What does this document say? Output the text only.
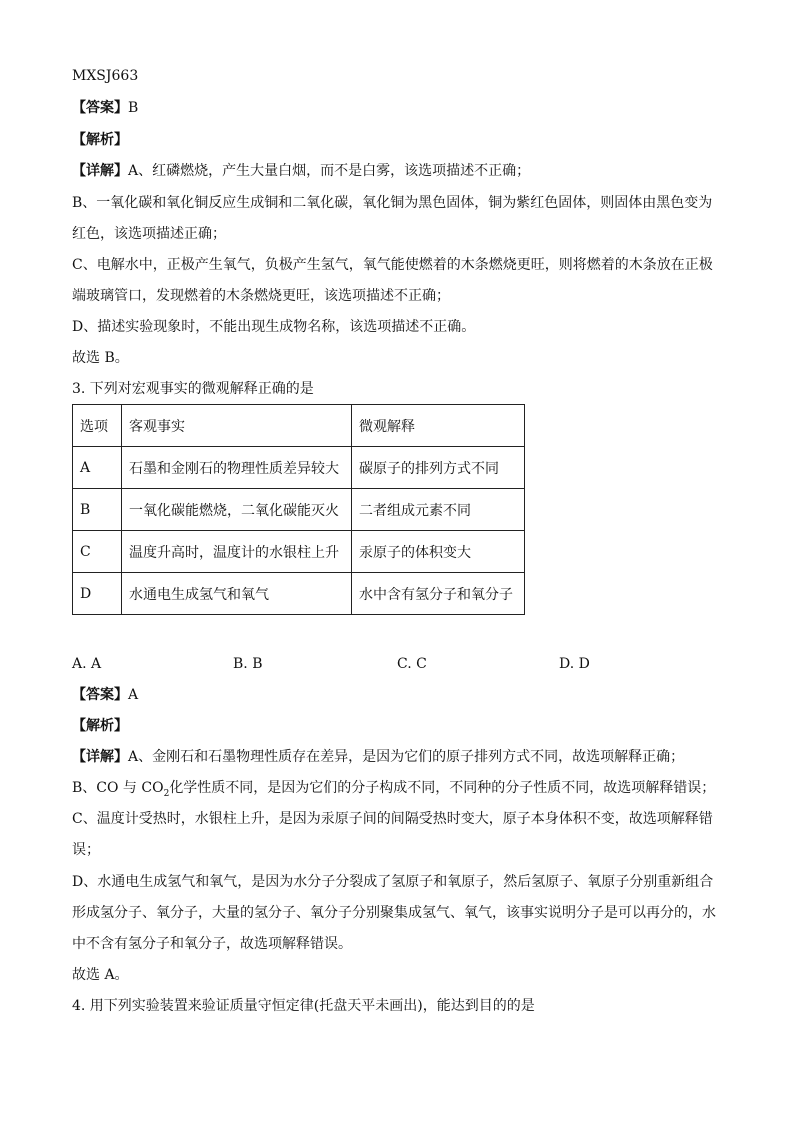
MXSJ663
【答案】B
【解析】
【详解】A、红磷燃烧，产生大量白烟，而不是白雾，该选项描述不正确；
B、一氧化碳和氧化铜反应生成铜和二氧化碳，氧化铜为黑色固体，铜为紫红色固体，则固体由黑色变为
红色，该选项描述正确；
C、电解水中，正极产生氧气，负极产生氢气，氧气能使燃着的木条燃烧更旺，则将燃着的木条放在正极
端玻璃管口，发现燃着的木条燃烧更旺，该选项描述不正确；
D、描述实验现象时，不能出现生成物名称，该选项描述不正确。
故选 B。
3. 下列对宏观事实的微观解释正确的是
选项	客观事实	微观解释
A	石墨和金刚石的物理性质差异较大	碳原子的排列方式不同
B	一氧化碳能燃烧，二氧化碳能灭火	二者组成元素不同
C	温度升高时，温度计的水银柱上升	汞原子的体积变大
D	水通电生成氢气和氧气	水中含有氢分子和氧分子
A. A	B. B	C. C	D. D
【答案】A
【解析】
【详解】A、金刚石和石墨物理性质存在差异，是因为它们的原子排列方式不同，故选项解释正确；
B、CO 与 $CO_2$化学性质不同，是因为它们的分子构成不同，不同种的分子性质不同，故选项解释错误；
C、温度计受热时，水银柱上升，是因为汞原子间的间隔受热时变大，原子本身体积不变，故选项解释错
误；
D、水通电生成氢气和氧气，是因为水分子分裂成了氢原子和氧原子，然后氢原子、氧原子分别重新组合
形成氢分子、氧分子，大量的氢分子、氧分子分别聚集成氢气、氧气，该事实说明分子是可以再分的，水
中不含有氢分子和氧分子，故选项解释错误。
故选 A。
4. 用下列实验装置来验证质量守恒定律(托盘天平未画出)，能达到目的的是
